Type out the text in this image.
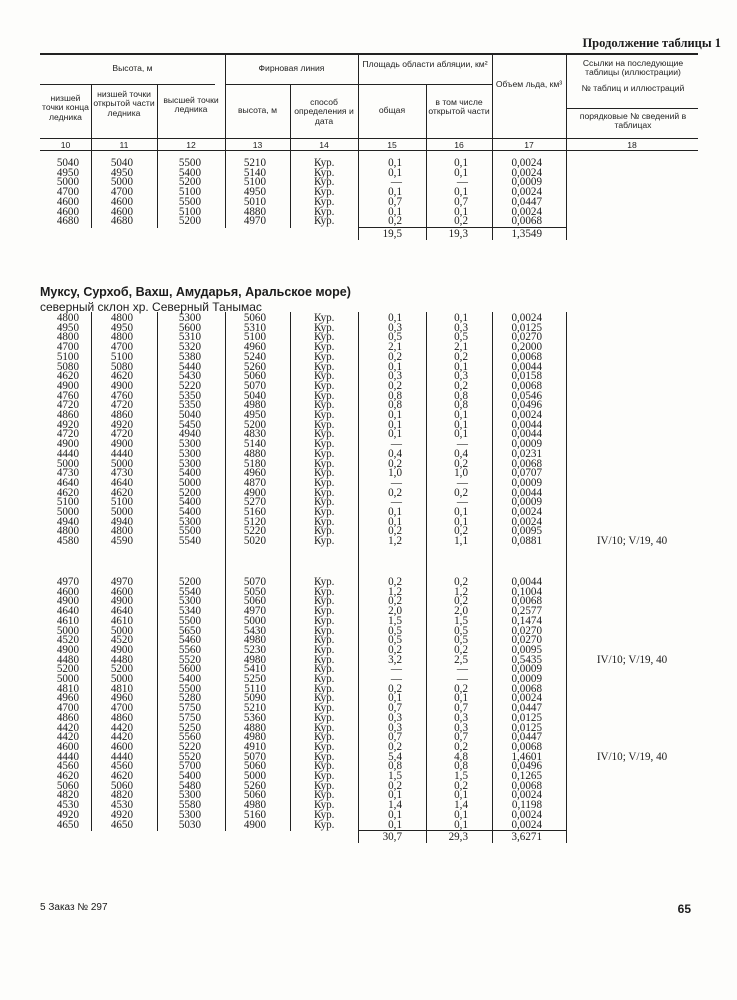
Продолжение таблицы 1
Высота, м	Фирновая линия	Площадь области абляции, км²
Объем льда, км³
Ссылки на последующие таблицы (иллюстрации)
№ таблиц и иллюстраций
порядковые № сведений в таблицах
низшей точки конца ледника
низшей точки открытой части ледника
высшей точки ледника	высота, м
способ определения и дата
общая
в том числе открытой части
10	11	12	13	14	15	16	17	18
5040	5040	5500	5210	Кур.	0,1	0,1	0,0024
4950	4950	5400	5140	Кур.	0,1	0,1	0,0024
5000	5000	5200	5100	Кур.	—	—	0,0009
4700	4700	5100	4950	Кур.	0,1	0,1	0,0024
4600	4600	5500	5010	Кур.	0,7	0,7	0,0447
4600	4600	5100	4880	Кур.	0,1	0,1	0,0024
4680	4680	5200	4970	Кур.	0,2	0,2	0,0068
19,5	19,3	1,3549
4800	4800	5300	5060	Кур.	0,1	0,1	0,0024
4950	4950	5600	5310	Кур.	0,3	0,3	0,0125
4800	4800	5310	5100	Кур.	0,5	0,5	0,0270
4700	4700	5320	4960	Кур.	2,1	2,1	0,2000
5100	5100	5380	5240	Кур.	0,2	0,2	0,0068
5080	5080	5440	5260	Кур.	0,1	0,1	0,0044
4620	4620	5430	5060	Кур.	0,3	0,3	0,0158
4900	4900	5220	5070	Кур.	0,2	0,2	0,0068
4760	4760	5350	5040	Кур.	0,8	0,8	0,0546
4720	4720	5350	4980	Кур.	0,8	0,8	0,0496
4860	4860	5040	4950	Кур.	0,1	0,1	0,0024
4920	4920	5450	5200	Кур.	0,1	0,1	0,0044
4720	4720	4940	4830	Кур.	0,1	0,1	0,0044
4900	4900	5300	5140	Кур.	—	—	0,0009
4440	4440	5300	4880	Кур.	0,4	0,4	0,0231
5000	5000	5300	5180	Кур.	0,2	0,2	0,0068
4730	4730	5400	4960	Кур.	1,0	1,0	0,0707
4640	4640	5000	4870	Кур.	—	—	0,0009
4620	4620	5200	4900	Кур.	0,2	0,2	0,0044
5100	5100	5400	5270	Кур.	—	—	0,0009
5000	5000	5400	5160	Кур.	0,1	0,1	0,0024
4940	4940	5300	5120	Кур.	0,1	0,1	0,0024
4800	4800	5500	5220	Кур.	0,2	0,2	0,0095
4580	4590	5540	5020	Кур.	1,2	1,1	0,0881	IV/10; V/19, 40
4970	4970	5200	5070	Кур.	0,2	0,2	0,0044
4600	4600	5540	5050	Кур.	1,2	1,2	0,1004
4900	4900	5300	5060	Кур.	0,2	0,2	0,0068
4640	4640	5340	4970	Кур.	2,0	2,0	0,2577
4610	4610	5500	5000	Кур.	1,5	1,5	0,1474
5000	5000	5650	5430	Кур.	0,5	0,5	0,0270
4520	4520	5460	4980	Кур.	0,5	0,5	0,0270
4900	4900	5560	5230	Кур.	0,2	0,2	0,0095
4480	4480	5520	4980	Кур.	3,2	2,5	0,5435	IV/10; V/19, 40
5200	5200	5600	5410	Кур.	—	—	0,0009
5000	5000	5400	5250	Кур.	—	—	0,0009
4810	4810	5500	5110	Кур.	0,2	0,2	0,0068
4960	4960	5280	5090	Кур.	0,1	0,1	0,0024
4700	4700	5750	5210	Кур.	0,7	0,7	0,0447
4860	4860	5750	5360	Кур.	0,3	0,3	0,0125
4420	4420	5250	4880	Кур.	0,3	0,3	0,0125
4420	4420	5560	4980	Кур.	0,7	0,7	0,0447
4600	4600	5220	4910	Кур.	0,2	0,2	0,0068
4440	4440	5520	5070	Кур.	5,4	4,8	1,4601	IV/10; V/19, 40
4560	4560	5700	5060	Кур.	0,8	0,8	0,0496
4620	4620	5400	5000	Кур.	1,5	1,5	0,1265
5060	5060	5480	5260	Кур.	0,2	0,2	0,0068
4820	4820	5300	5060	Кур.	0,1	0,1	0,0024
4530	4530	5580	4980	Кур.	1,4	1,4	0,1198
4920	4920	5300	5160	Кур.	0,1	0,1	0,0024
4650	4650	5030	4900	Кур.	0,1	0,1	0,0024
30,7	29,3	3,6271
Муксу, Сурхоб, Вахш, Амударья, Аральское море)
северный склон хр. Северный Танымас
5 Заказ № 297	65
